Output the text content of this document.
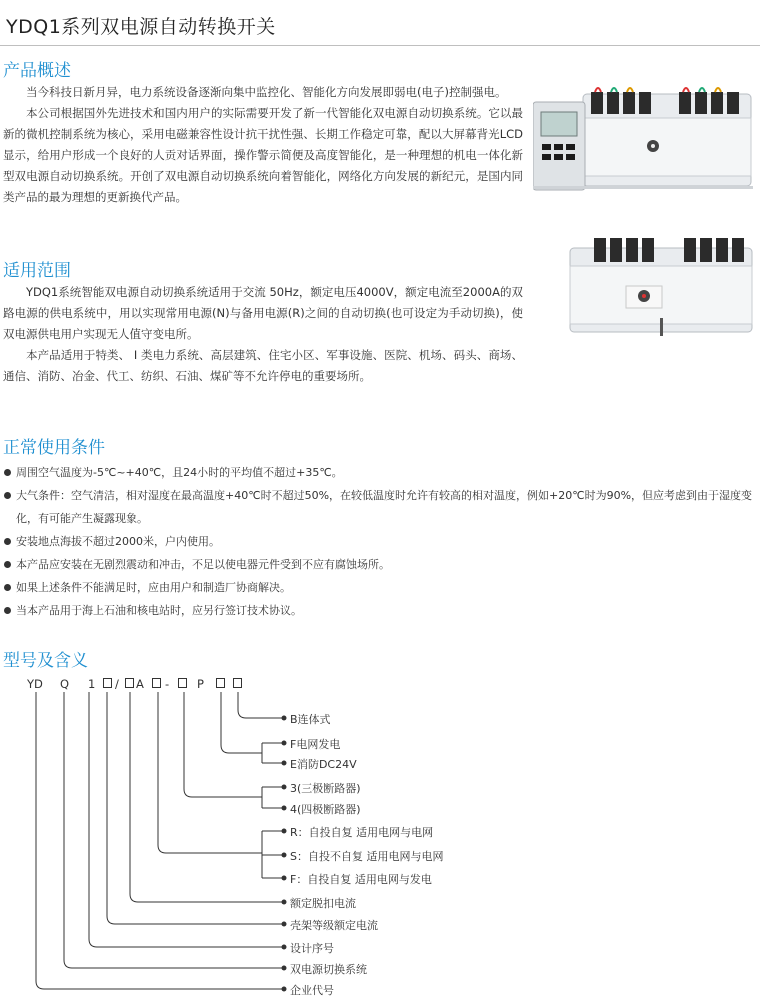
YDQ1系列双电源自动转换开关
产品概述

当今科技日新月异，电力系统设备逐渐向集中监控化、智能化方向发展即弱电(电子)控制强电。

本公司根据国外先进技术和国内用户的实际需要开发了新一代智能化双电源自动切换系统。它以最新的微机控制系统为核心，采用电磁兼容性设计抗干扰性强、长期工作稳定可靠，配以大屏幕背光LCD显示，给用户形成一个良好的人贡对话界面，操作警示简便及高度智能化，是一种理想的机电一体化新型双电源自动切换系统。开创了双电源自动切换系统向着智能化，网络化方向发展的新纪元，是国内同类产品的最为理想的更新换代产品。

适用范围

YDQ1系统智能双电源自动切换系统适用于交流 50Hz，额定电压4000V，额定电流至2000A的双路电源的供电系统中，用以实现常用电源(N)与备用电源(R)之间的自动切换(也可设定为手动切换)，使双电源供电用户实现无人值守变电所。

本产品适用于特类、 I 类电力系统、高层建筑、住宅小区、军事设施、医院、机场、码头、商场、通信、消防、冶金、代工、纺织、石油、煤矿等不允许停电的重要场所。

正常使用条件
周围空气温度为-5℃~+40℃，且24小时的平均值不超过+35℃。
大气条件：空气清洁，相对湿度在最高温度+40℃时不超过50%，在较低温度时允许有较高的相对温度，例如+20℃时为90%，但应考虑到由于湿度变化，有可能产生凝露现象。
安装地点海拔不超过2000米，户内使用。
本产品应安装在无剧烈震动和冲击，不足以使电器元件受到不应有腐蚀场所。
如果上述条件不能满足时，应由用户和制造厂协商解决。
当本产品用于海上石油和核电站时，应另行签订技术协议。
型号及含义
YD Q 1 / A - P
B连体式
F电网发电
E消防DC24V
3(三极断路器)
4(四极断路器)
R：自投自复 适用电网与电网
S：自投不自复 适用电网与电网
F：自投自复 适用电网与发电
额定脱扣电流
壳架等级额定电流
设计序号
双电源切换系统
企业代号
